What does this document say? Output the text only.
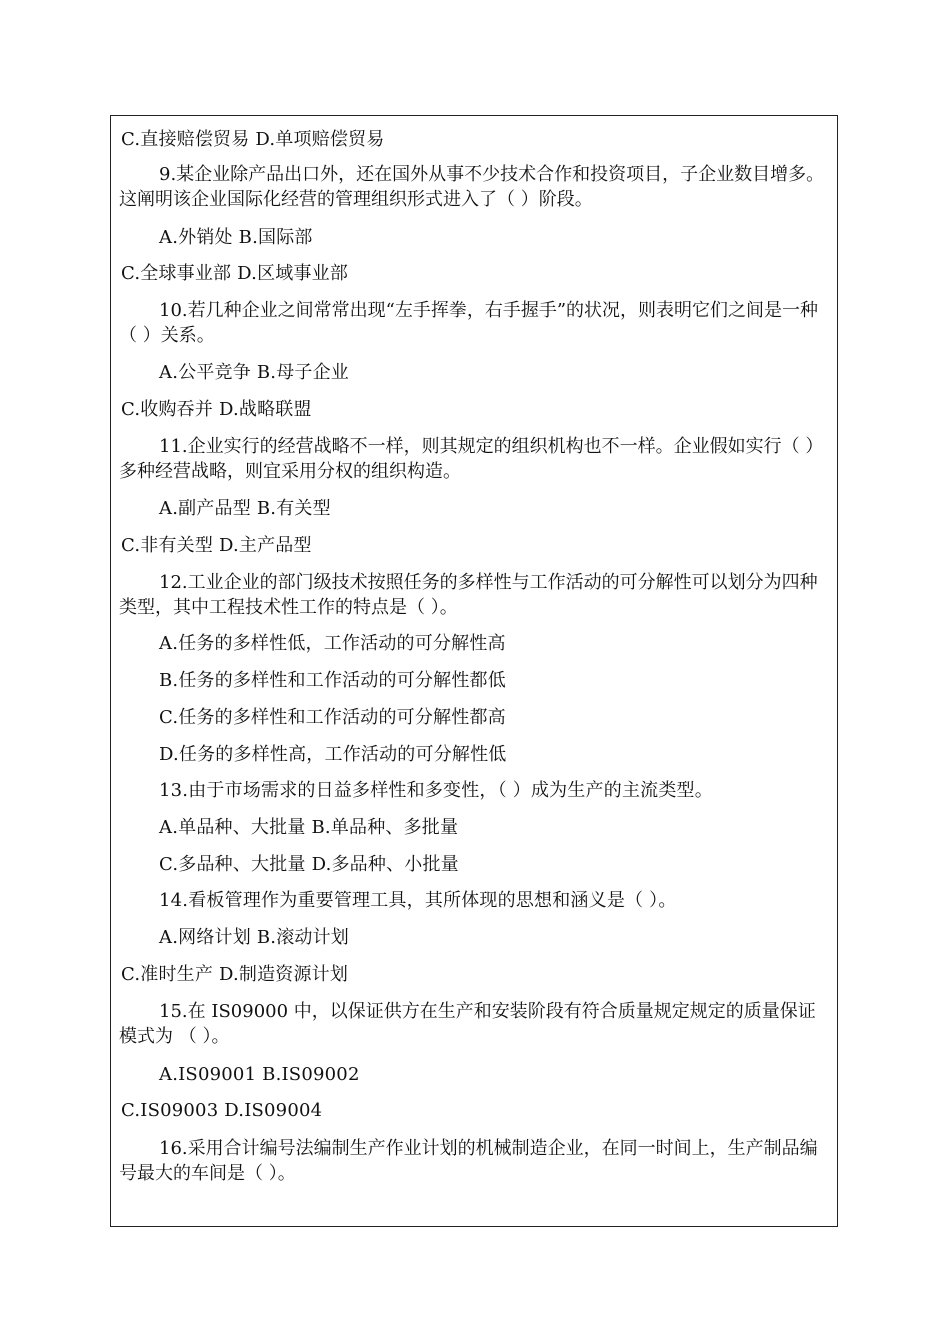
C.直接赔偿贸易 D.单项赔偿贸易
9.某企业除产品出口外，还在国外从事不少技术合作和投资项目，子企业数目增多。这阐明该企业国际化经营的管理组织形式进入了（ ）阶段。
A.外销处 B.国际部
C.全球事业部 D.区域事业部
10.若几种企业之间常常出现“左手挥拳，右手握手”的状况，则表明它们之间是一种（ ）关系。
A.公平竞争 B.母子企业
C.收购吞并 D.战略联盟
11.企业实行的经营战略不一样，则其规定的组织机构也不一样。企业假如实行（ ）多种经营战略，则宜采用分权的组织构造。
A.副产品型 B.有关型
C.非有关型 D.主产品型
12.工业企业的部门级技术按照任务的多样性与工作活动的可分解性可以划分为四种类型，其中工程技术性工作的特点是（ ）。
A.任务的多样性低，工作活动的可分解性高
B.任务的多样性和工作活动的可分解性都低
C.任务的多样性和工作活动的可分解性都高
D.任务的多样性高，工作活动的可分解性低
13.由于市场需求的日益多样性和多变性，（ ）成为生产的主流类型。
A.单品种、大批量 B.单品种、多批量
C.多品种、大批量 D.多品种、小批量
14.看板管理作为重要管理工具，其所体现的思想和涵义是（ ）。
A.网络计划 B.滚动计划
C.准时生产 D.制造资源计划
15.在 IS09000 中，以保证供方在生产和安装阶段有符合质量规定规定的质量保证模式为 （ ）。
A.IS09001 B.IS09002
C.IS09003 D.IS09004
16.采用合计编号法编制生产作业计划的机械制造企业，在同一时间上，生产制品编号最大的车间是（ ）。
